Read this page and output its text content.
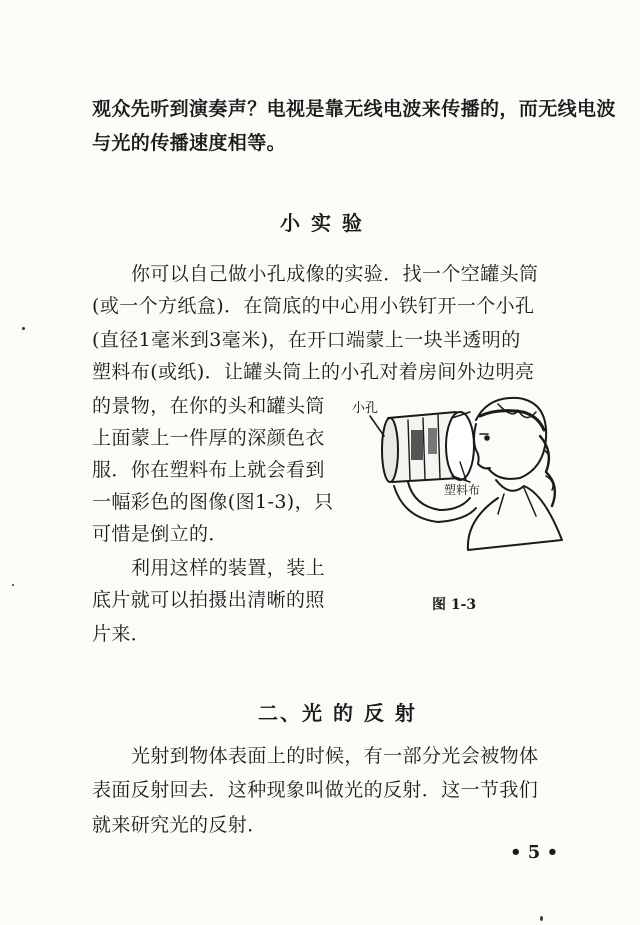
观众先听到演奏声？电视是靠无线电波来传播的，而无线电波
与光的传播速度相等。
小 实 验
你可以自己做小孔成像的实验．找一个空罐头筒
(或一个方纸盒)．在筒底的中心用小铁钉开一个小孔
(直径1毫米到3毫米)，在开口端蒙上一块半透明的
塑料布(或纸)．让罐头筒上的小孔对着房间外边明亮
的景物，在你的头和罐头筒
上面蒙上一件厚的深颜色衣
服．你在塑料布上就会看到
一幅彩色的图像(图1-3)，只
可惜是倒立的．
利用这样的装置，装上
底片就可以拍摄出清晰的照
片来．
小孔
塑料布
图 1-3
二、光 的 反 射
光射到物体表面上的时候，有一部分光会被物体
表面反射回去．这种现象叫做光的反射．这一节我们
就来研究光的反射．
• 5 •
